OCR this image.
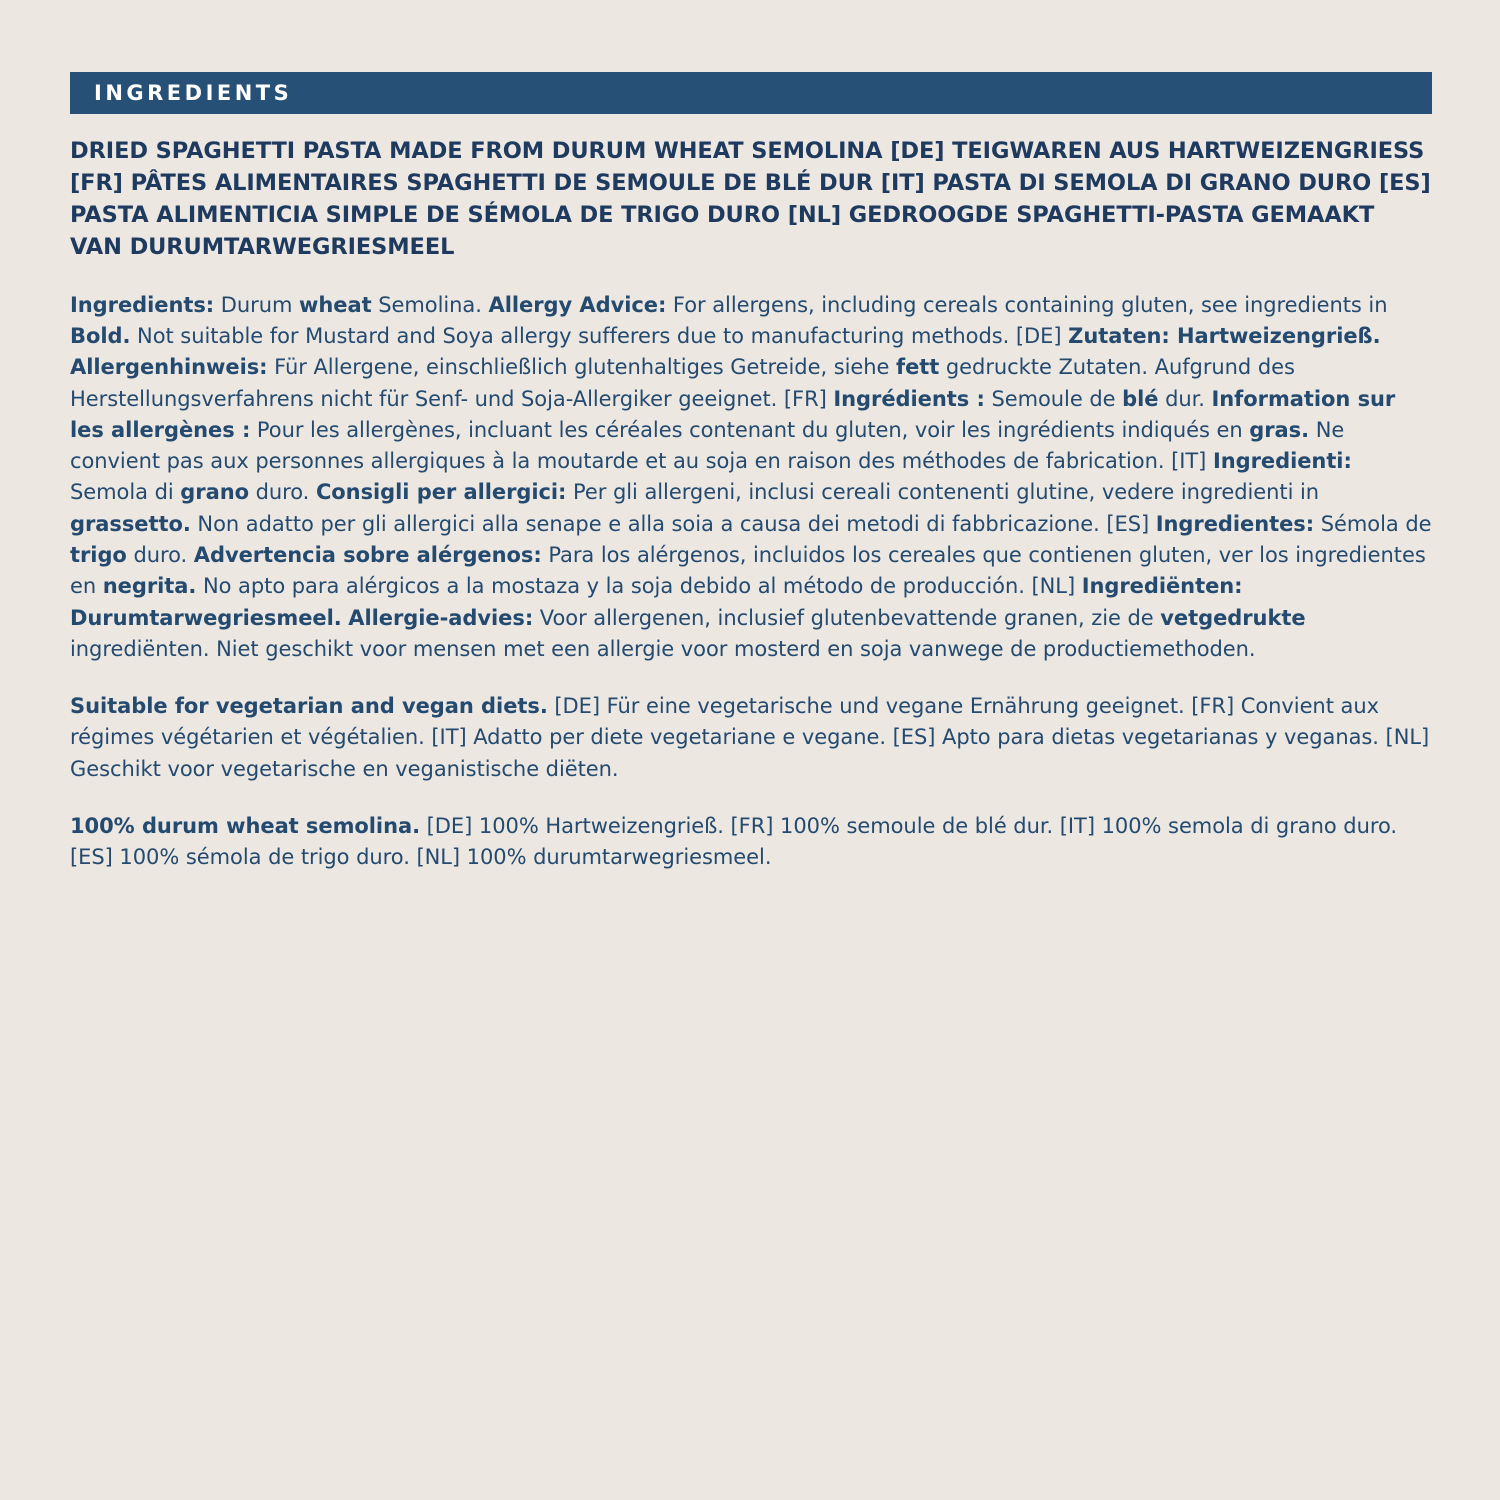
INGREDIENTS

DRIED SPAGHETTI PASTA MADE FROM DURUM WHEAT SEMOLINA [DE] TEIGWAREN AUS HARTWEIZENGRIESS [FR] PÂTES ALIMENTAIRES SPAGHETTI DE SEMOULE DE BLÉ DUR [IT] PASTA DI SEMOLA DI GRANO DURO [ES] PASTA ALIMENTICIA SIMPLE DE SÉMOLA DE TRIGO DURO [NL] GEDROOGDE SPAGHETTI-PASTA GEMAAKT VAN DURUMTARWEGRIESMEEL

Ingredients: Durum wheat Semolina. Allergy Advice: For allergens, including cereals containing gluten, see ingredients in Bold. Not suitable for Mustard and Soya allergy sufferers due to manufacturing methods. [DE] Zutaten: Hartweizengrieß. Allergenhinweis: Für Allergene, einschließlich glutenhaltiges Getreide, siehe fett gedruckte Zutaten. Aufgrund des Herstellungsverfahrens nicht für Senf- und Soja-Allergiker geeignet. [FR] Ingrédients : Semoule de blé dur. Information sur les allergènes : Pour les allergènes, incluant les céréales contenant du gluten, voir les ingrédients indiqués en gras. Ne convient pas aux personnes allergiques à la moutarde et au soja en raison des méthodes de fabrication. [IT] Ingredienti: Semola di grano duro. Consigli per allergici: Per gli allergeni, inclusi cereali contenenti glutine, vedere ingredienti in grassetto. Non adatto per gli allergici alla senape e alla soia a causa dei metodi di fabbricazione. [ES] Ingredientes: Sémola de trigo duro. Advertencia sobre alérgenos: Para los alérgenos, incluidos los cereales que contienen gluten, ver los ingredientes en negrita. No apto para alérgicos a la mostaza y la soja debido al método de producción. [NL] Ingrediënten: Durumtarwegriesmeel. Allergie-advies: Voor allergenen, inclusief glutenbevattende granen, zie de vetgedrukte ingrediënten. Niet geschikt voor mensen met een allergie voor mosterd en soja vanwege de productiemethoden.

Suitable for vegetarian and vegan diets. [DE] Für eine vegetarische und vegane Ernährung geeignet. [FR] Convient aux régimes végétarien et végétalien. [IT] Adatto per diete vegetariane e vegane. [ES] Apto para dietas vegetarianas y veganas. [NL] Geschikt voor vegetarische en veganistische diëten.

100% durum wheat semolina. [DE] 100% Hartweizengrieß. [FR] 100% semoule de blé dur. [IT] 100% semola di grano duro. [ES] 100% sémola de trigo duro. [NL] 100% durumtarwegriesmeel.
